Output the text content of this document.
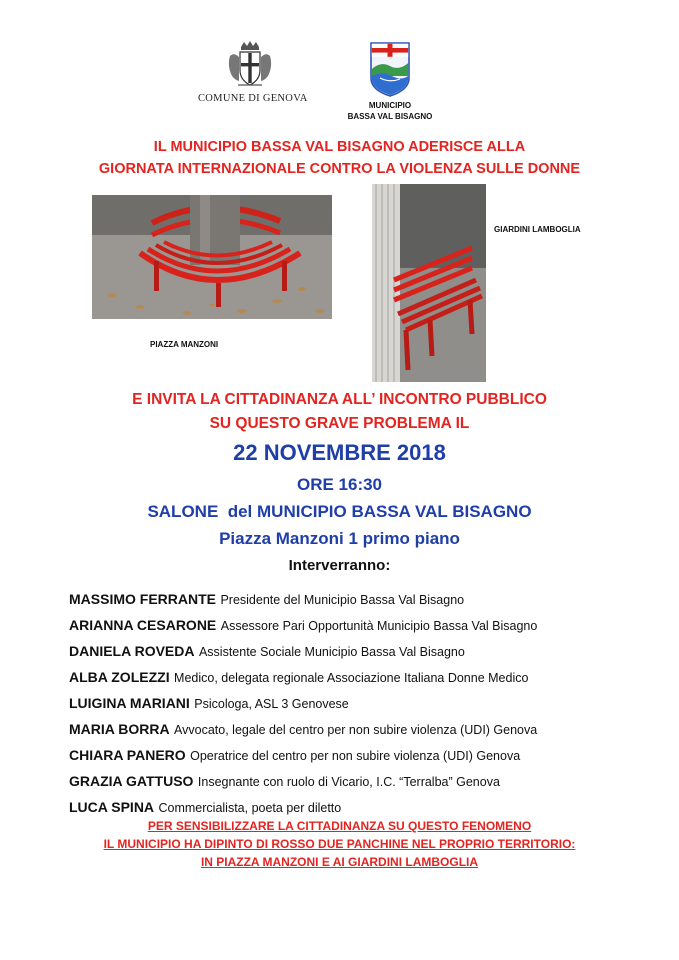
COMUNE DI GENOVA
MUNICIPIO
BASSA VAL BISAGNO
IL MUNICIPIO BASSA VAL BISAGNO ADERISCE ALLA
GIORNATA INTERNAZIONALE CONTRO LA VIOLENZA SULLE DONNE
PIAZZA MANZONI
GIARDINI LAMBOGLIA
E INVITA LA CITTADINANZA ALL’ INCONTRO PUBBLICO
SU QUESTO GRAVE PROBLEMA IL
22 NOVEMBRE 2018
ORE 16:30
SALONE  del MUNICIPIO BASSA VAL BISAGNO
Piazza Manzoni 1 primo piano
Interverranno:
MASSIMO FERRANTE Presidente del Municipio Bassa Val Bisagno
ARIANNA CESARONE Assessore Pari Opportunità Municipio Bassa Val Bisagno
DANIELA ROVEDA Assistente Sociale Municipio Bassa Val Bisagno
ALBA ZOLEZZI Medico, delegata regionale Associazione Italiana Donne Medico
LUIGINA MARIANI Psicologa, ASL 3 Genovese
MARIA BORRA Avvocato, legale del centro per non subire violenza (UDI) Genova
CHIARA PANERO Operatrice del centro per non subire violenza (UDI) Genova
GRAZIA GATTUSO Insegnante con ruolo di Vicario, I.C. “Terralba” Genova
LUCA SPINA Commercialista, poeta per diletto
PER SENSIBILIZZARE LA CITTADINANZA SU QUESTO FENOMENO
IL MUNICIPIO HA DIPINTO DI ROSSO DUE PANCHINE NEL PROPRIO TERRITORIO:
IN PIAZZA MANZONI E AI GIARDINI LAMBOGLIA
